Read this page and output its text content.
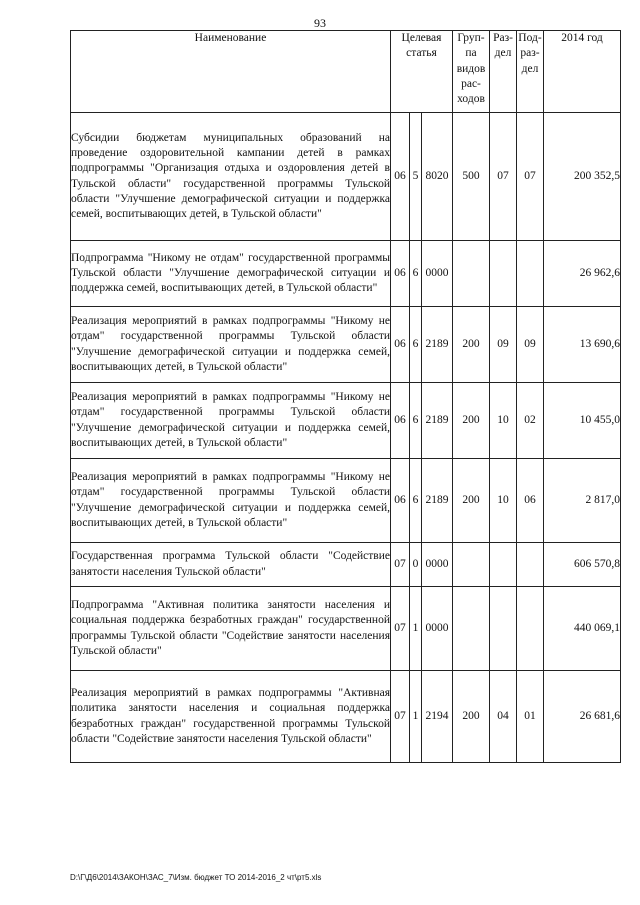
93
Наименование	Целевая статья			Груп-па видов рас-ходов	Раз-дел	Под-раз-дел	2014 год
Субсидии бюджетам муниципальных образований на проведение оздоровительной кампании детей в рамках подпрограммы "Организация отдыха и оздоровления детей в Тульской области" государственной программы Тульской области "Улучшение демографической ситуации и поддержка семей, воспитывающих детей, в Тульской области"	06	5	8020	500	07	07	200 352,5
Подпрограмма "Никому не отдам" государственной программы Тульской области "Улучшение демографической ситуации и поддержка семей, воспитывающих детей, в Тульской области"	06	6	0000				26 962,6
Реализация мероприятий в рамках подпрограммы "Никому не отдам" государственной программы Тульской области "Улучшение демографической ситуации и поддержка семей, воспитывающих детей, в Тульской области"	06	6	2189	200	09	09	13 690,6
Реализация мероприятий в рамках подпрограммы "Никому не отдам" государственной программы Тульской области "Улучшение демографической ситуации и поддержка семей, воспитывающих детей, в Тульской области"	06	6	2189	200	10	02	10 455,0
Реализация мероприятий в рамках подпрограммы "Никому не отдам" государственной программы Тульской области "Улучшение демографической ситуации и поддержка семей, воспитывающих детей, в Тульской области"	06	6	2189	200	10	06	2 817,0
Государственная программа Тульской области "Содействие занятости населения Тульской области"	07	0	0000				606 570,8
Подпрограмма "Активная политика занятости населения и социальная поддержка безработных граждан" государственной программы Тульской области "Содействие занятости населения Тульской области"	07	1	0000				440 069,1
Реализация мероприятий в рамках подпрограммы "Активная политика занятости населения и социальная поддержка безработных граждан" государственной программы Тульской области "Содействие занятости населения Тульской области"	07	1	2194	200	04	01	26 681,6
D:\Г\Д6\2014\ЗАКОН\ЗАС_7\Изм. бюджет ТО 2014-2016_2 чт\рт5.xls
